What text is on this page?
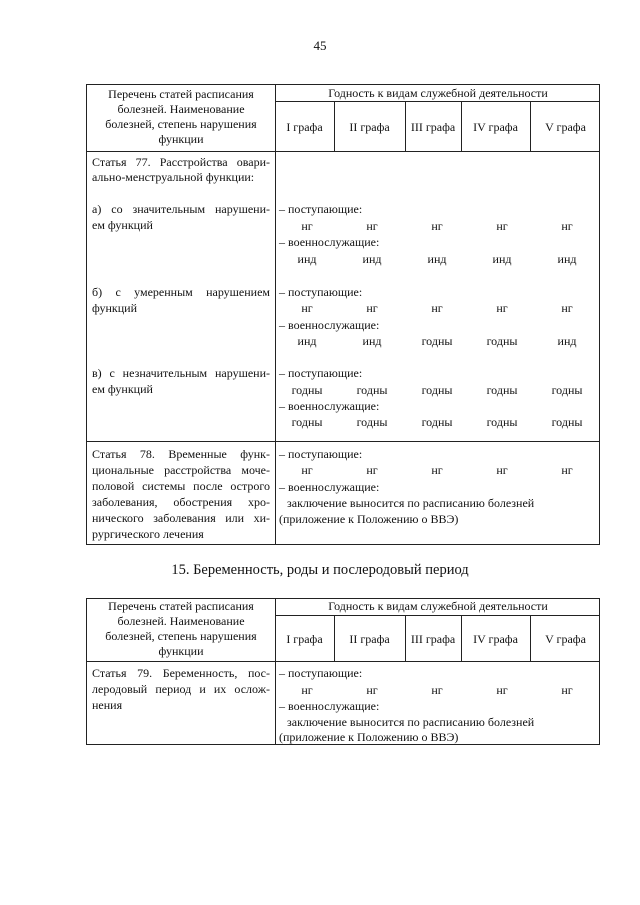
45
Перечень статей расписания
болезней. Наименование
болезней, степень нарушения
функции
Годность к видам служебной деятельности
I графа	II графа	III графа	IV графа	V графа
Статья 77. Расстройства овари-
ально-менструальной функции:
а) со значительным нарушени-
ем функций
– поступающие:
нг	нг	нг	нг	нг
– военнослужащие:
инд	инд	инд	инд	инд
б) с умеренным нарушением
функций
– поступающие:
нг	нг	нг	нг	нг
– военнослужащие:
инд	инд	годны	годны	инд
в) с незначительным нарушени-
ем функций
– поступающие:
годны	годны	годны	годны	годны
– военнослужащие:
годны	годны	годны	годны	годны
Статья 78. Временные функ-
циональные расстройства моче-
половой системы после острого
заболевания, обострения хро-
нического заболевания или хи-
рургического лечения
– поступающие:
нг	нг	нг	нг	нг
– военнослужащие:
заключение выносится по расписанию болезней
(приложение к Положению о ВВЭ)
15. Беременность, роды и послеродовый период
Перечень статей расписания
болезней. Наименование
болезней, степень нарушения
функции
Годность к видам служебной деятельности
I графа	II графа	III графа	IV графа	V графа
Статья 79. Беременность, пос-
леродовый период и их ослож-
нения
– поступающие:
нг	нг	нг	нг	нг
– военнослужащие:
заключение выносится по расписанию болезней
(приложение к Положению о ВВЭ)
